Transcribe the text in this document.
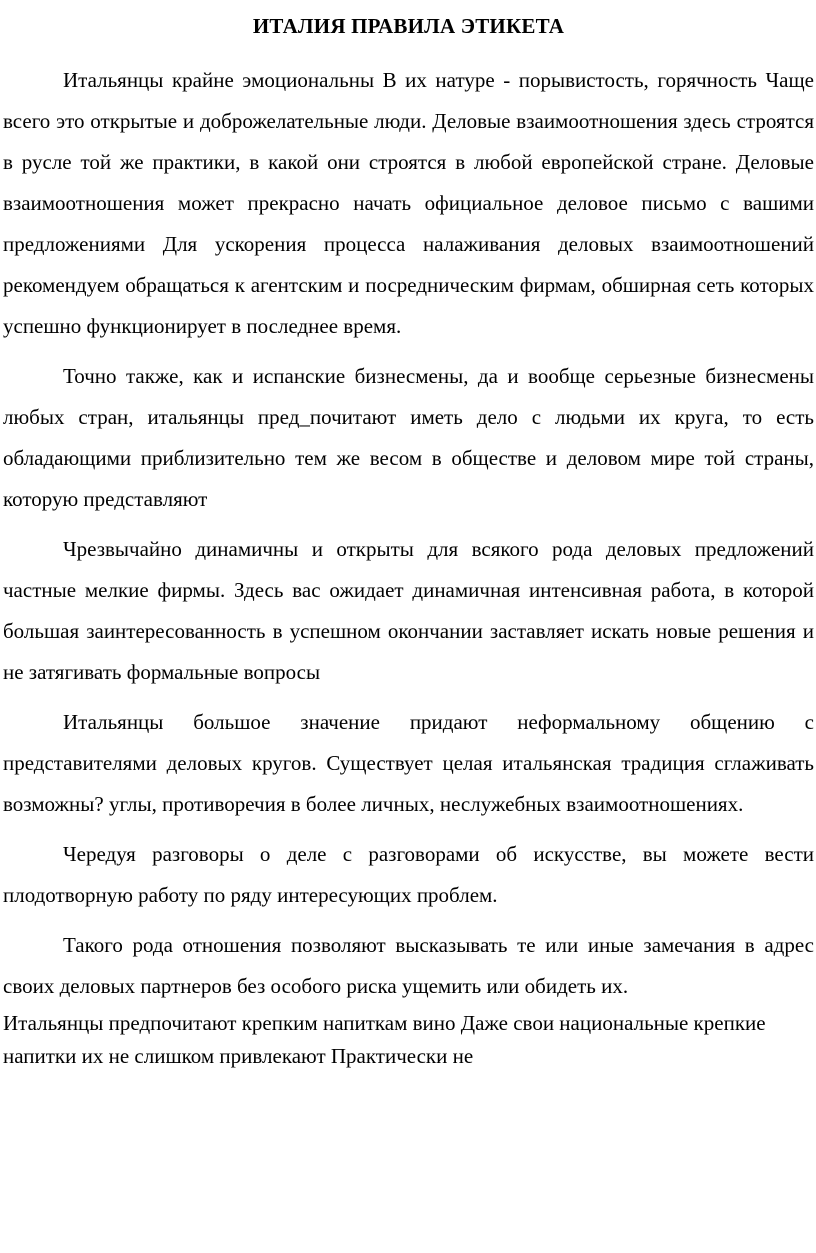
ИТАЛИЯ ПРАВИЛА ЭТИКЕТА

Итальянцы крайне эмоциональны В их натуре - порывистость, горячность Чаще всего это открытые и доброжелательные люди. Деловые взаимоотношения здесь строятся в русле той же практики, в какой они строятся в любой европейской стране. Деловые взаимоотношения может прекрасно начать официальное деловое письмо с вашими предложениями Для ускорения процесса налаживания деловых взаимоотношений рекомендуем обращаться к агентским и посредническим фирмам, обширная сеть которых успешно функционирует в последнее время.

Точно также, как и испанские бизнесмены, да и вообще серьезные бизнесмены любых стран, итальянцы пред_почитают иметь дело с людьми их круга, то есть обладающими приблизительно тем же весом в обществе и деловом мире той страны, которую представляют

Чрезвычайно динамичны и открыты для всякого рода деловых предложений частные мелкие фирмы. Здесь вас ожидает динамичная интенсивная работа, в которой большая заинтересованность в успешном окончании заставляет искать новые решения и не затягивать формальные вопросы

Итальянцы большое значение придают неформальному общению с представителями деловых кругов. Существует целая итальянская традиция сглаживать возможны? углы, противоречия в более личных, неслужебных взаимоотношениях.

Чередуя разговоры о деле с разговорами об искусстве, вы можете вести плодотворную работу по ряду интересующих проблем.

Такого рода отношения позволяют высказывать те или иные замечания в адрес своих деловых партнеров без особого риска ущемить или обидеть их.

Итальянцы предпочитают крепким напиткам вино Даже свои национальные крепкие напитки их не слишком привлекают Практически не
